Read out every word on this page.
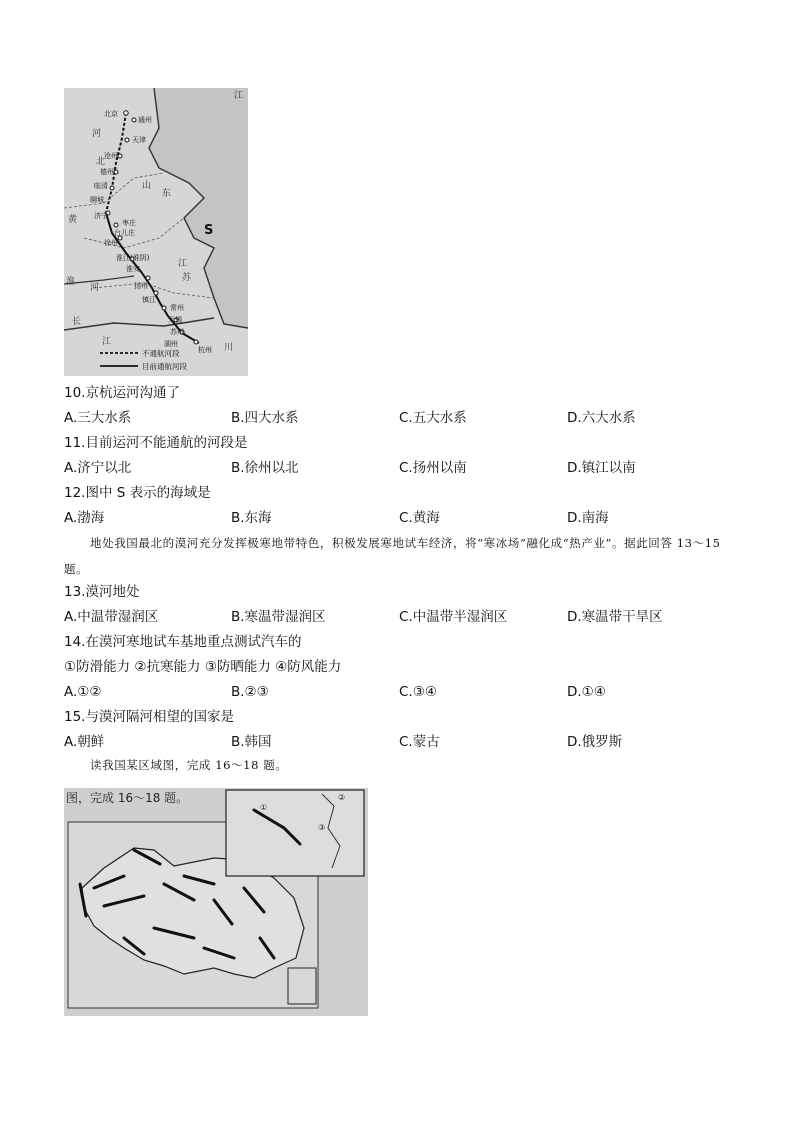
北京
通州
天津
沧州
德州
临清
聊城
济宁
枣庄
台儿庄
徐州
淮江(淮阴)
淮安
扬州
镇江
常州
无锡
苏州
湖州
杭州
河
北
山
东
江
苏
黄
淮
河
长
江
川
江
S
不通航河段
目前通航河段
10.京杭运河沟通了
A.三大水系	B.四大水系	C.五大水系	D.六大水系
11.目前运河不能通航的河段是
A.济宁以北	B.徐州以北	C.扬州以南	D.镇江以南
12.图中 S 表示的海域是
A.渤海	B.东海	C.黄海	D.南海
地处我国最北的漠河充分发挥极寒地带特色，积极发展寒地试车经济，将“寒冰场”融化成“热产业”。据此回答 13～15 题。
13.漠河地处
A.中温带湿润区	B.寒温带湿润区	C.中温带半湿润区	D.寒温带干旱区
14.在漠河寒地试车基地重点测试汽车的
①防滑能力 ②抗寒能力 ③防晒能力 ④防风能力
A.①②	B.②③	C.③④	D.①④
15.与漠河隔河相望的国家是
A.朝鲜	B.韩国	C.蒙古	D.俄罗斯
读我国某区域图，完成 16～18 题。
图，完成 16～18 题。
①
②
③
